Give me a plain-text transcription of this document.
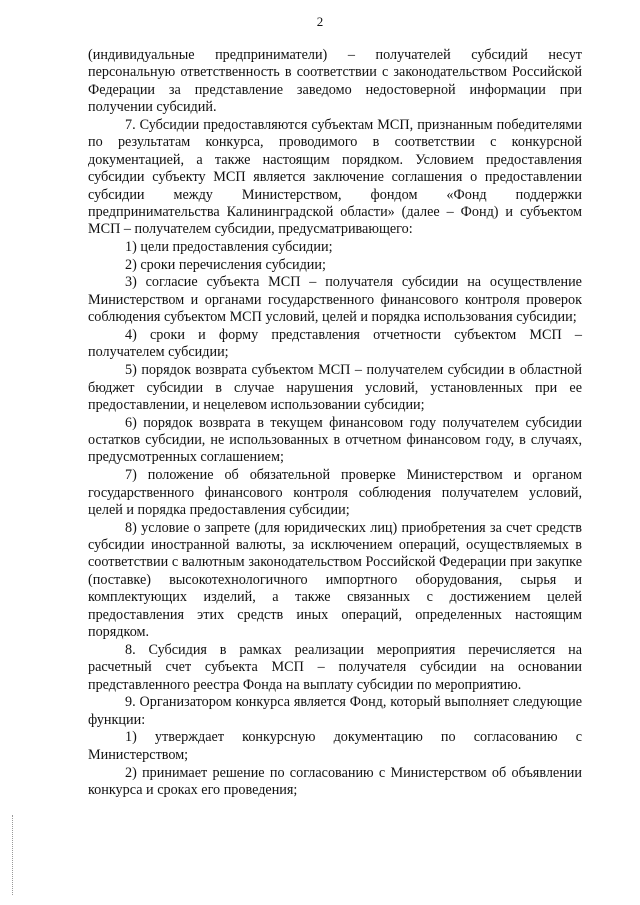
2

(индивидуальные предприниматели) – получателей субсидий несут персональную ответственность в соответствии с законодательством Российской Федерации за представление заведомо недостоверной информации при получении субсидий.

7. Субсидии предоставляются субъектам МСП, признанным победителями по результатам конкурса, проводимого в соответствии с конкурсной документацией, а также настоящим порядком. Условием предоставления субсидии субъекту МСП является заключение соглашения о предоставлении субсидии между Министерством, фондом «Фонд поддержки предпринимательства Калининградской области» (далее – Фонд) и субъектом МСП – получателем субсидии, предусматривающего:

1) цели предоставления субсидии;

2) сроки перечисления субсидии;

3) согласие субъекта МСП – получателя субсидии на осуществление Министерством и органами государственного финансового контроля проверок соблюдения субъектом МСП условий, целей и порядка использования субсидии;

4) сроки и форму представления отчетности субъектом МСП – получателем субсидии;

5) порядок возврата субъектом МСП – получателем субсидии в областной бюджет субсидии в случае нарушения условий, установленных при ее предоставлении, и нецелевом использовании субсидии;

6) порядок возврата в текущем финансовом году получателем субсидии остатков субсидии, не использованных в отчетном финансовом году, в случаях, предусмотренных соглашением;

7) положение об обязательной проверке Министерством и органом государственного финансового контроля соблюдения получателем условий, целей и порядка предоставления субсидии;

8) условие о запрете (для юридических лиц) приобретения за счет средств субсидии иностранной валюты, за исключением операций, осуществляемых в соответствии с валютным законодательством Российской Федерации при закупке (поставке) высокотехнологичного импортного оборудования, сырья и комплектующих изделий, а также связанных с достижением целей предоставления этих средств иных операций, определенных настоящим порядком.

8. Субсидия в рамках реализации мероприятия перечисляется на расчетный счет субъекта МСП – получателя субсидии на основании представленного реестра Фонда на выплату субсидии по мероприятию.

9. Организатором конкурса является Фонд, который выполняет следующие функции:

1) утверждает конкурсную документацию по согласованию с Министерством;

2) принимает решение по согласованию с Министерством об объявлении конкурса и сроках его проведения;
